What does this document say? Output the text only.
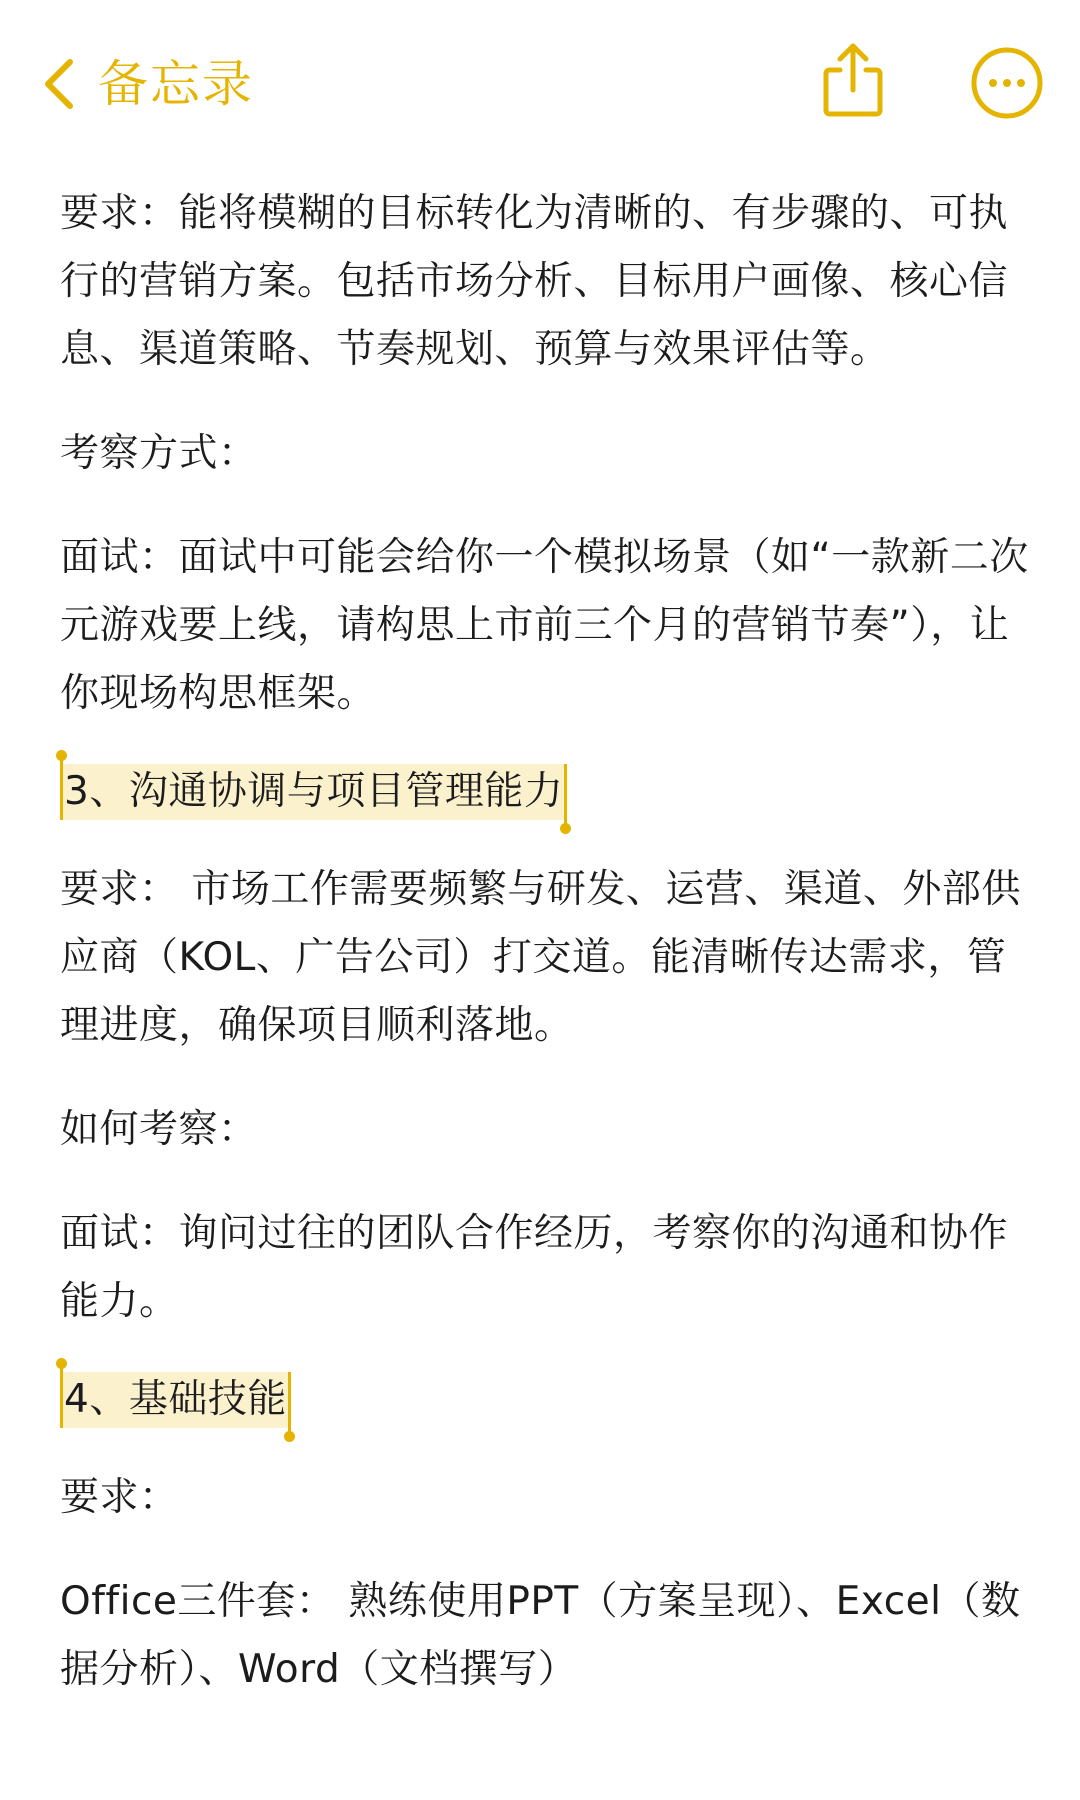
备忘录

要求：能将模糊的目标转化为清晰的、有步骤的、可执行的营销方案。包括市场分析、目标用户画像、核心信息、渠道策略、节奏规划、预算与效果评估等。

考察方式：

面试：面试中可能会给你一个模拟场景（如“一款新二次元游戏要上线，请构思上市前三个月的营销节奏”），让你现场构思框架。

3、沟通协调与项目管理能力

要求： 市场工作需要频繁与研发、运营、渠道、外部供应商（KOL、广告公司）打交道。能清晰传达需求，管理进度，确保项目顺利落地。

如何考察：

面试：询问过往的团队合作经历，考察你的沟通和协作能力。

4、基础技能

要求：

Office三件套： 熟练使用PPT（方案呈现）、Excel（数据分析）、Word（文档撰写）
